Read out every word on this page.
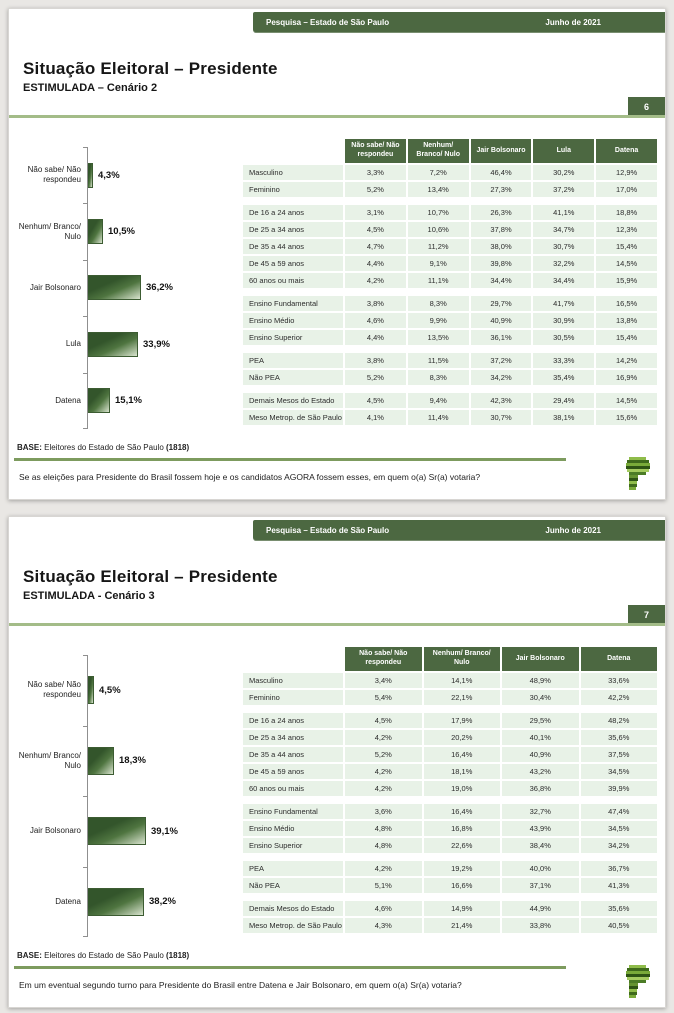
Pesquisa – Estado de São Paulo	Junho de 2021
Situação Eleitoral – Presidente
ESTIMULADA – Cenário 2
6
Não sabe/ Não respondeu	4,3%
Nenhum/ Branco/ Nulo	10,5%
Jair Bolsonaro	36,2%
Lula	33,9%
Datena	15,1%
Não sabe/ Não respondeu
Nenhum/ Branco/ Nulo
Jair Bolsonaro	Lula	Datena
Masculino	3,3%	7,2%	46,4%	30,2%	12,9%
Feminino	5,2%	13,4%	27,3%	37,2%	17,0%
De 16 a 24 anos	3,1%	10,7%	26,3%	41,1%	18,8%
De 25 a 34 anos	4,5%	10,6%	37,8%	34,7%	12,3%
De 35 a 44 anos	4,7%	11,2%	38,0%	30,7%	15,4%
De 45 a 59 anos	4,4%	9,1%	39,8%	32,2%	14,5%
60 anos ou mais	4,2%	11,1%	34,4%	34,4%	15,9%
Ensino Fundamental	3,8%	8,3%	29,7%	41,7%	16,5%
Ensino Médio	4,6%	9,9%	40,9%	30,9%	13,8%
Ensino Superior	4,4%	13,5%	36,1%	30,5%	15,4%
PEA	3,8%	11,5%	37,2%	33,3%	14,2%
Não PEA	5,2%	8,3%	34,2%	35,4%	16,9%
Demais Mesos do Estado	4,5%	9,4%	42,3%	29,4%	14,5%
Meso Metrop. de São Paulo	4,1%	11,4%	30,7%	38,1%	15,6%
BASE: Eleitores do Estado de São Paulo (1818)
Se as eleições para Presidente do Brasil fossem hoje e os candidatos AGORA fossem esses, em quem o(a) Sr(a) votaria?
Pesquisa – Estado de São Paulo	Junho de 2021
Situação Eleitoral – Presidente
ESTIMULADA - Cenário 3
7
Não sabe/ Não respondeu	4,5%
Nenhum/ Branco/ Nulo	18,3%
Jair Bolsonaro	39,1%
Datena	38,2%
Não sabe/ Não respondeu
Nenhum/ Branco/ Nulo
Jair Bolsonaro	Datena
Masculino	3,4%	14,1%	48,9%	33,6%
Feminino	5,4%	22,1%	30,4%	42,2%
De 16 a 24 anos	4,5%	17,9%	29,5%	48,2%
De 25 a 34 anos	4,2%	20,2%	40,1%	35,6%
De 35 a 44 anos	5,2%	16,4%	40,9%	37,5%
De 45 a 59 anos	4,2%	18,1%	43,2%	34,5%
60 anos ou mais	4,2%	19,0%	36,8%	39,9%
Ensino Fundamental	3,6%	16,4%	32,7%	47,4%
Ensino Médio	4,8%	16,8%	43,9%	34,5%
Ensino Superior	4,8%	22,6%	38,4%	34,2%
PEA	4,2%	19,2%	40,0%	36,7%
Não PEA	5,1%	16,6%	37,1%	41,3%
Demais Mesos do Estado	4,6%	14,9%	44,9%	35,6%
Meso Metrop. de São Paulo	4,3%	21,4%	33,8%	40,5%
BASE: Eleitores do Estado de São Paulo (1818)
Em um eventual segundo turno para Presidente do Brasil entre Datena e Jair Bolsonaro, em quem o(a) Sr(a) votaria?
